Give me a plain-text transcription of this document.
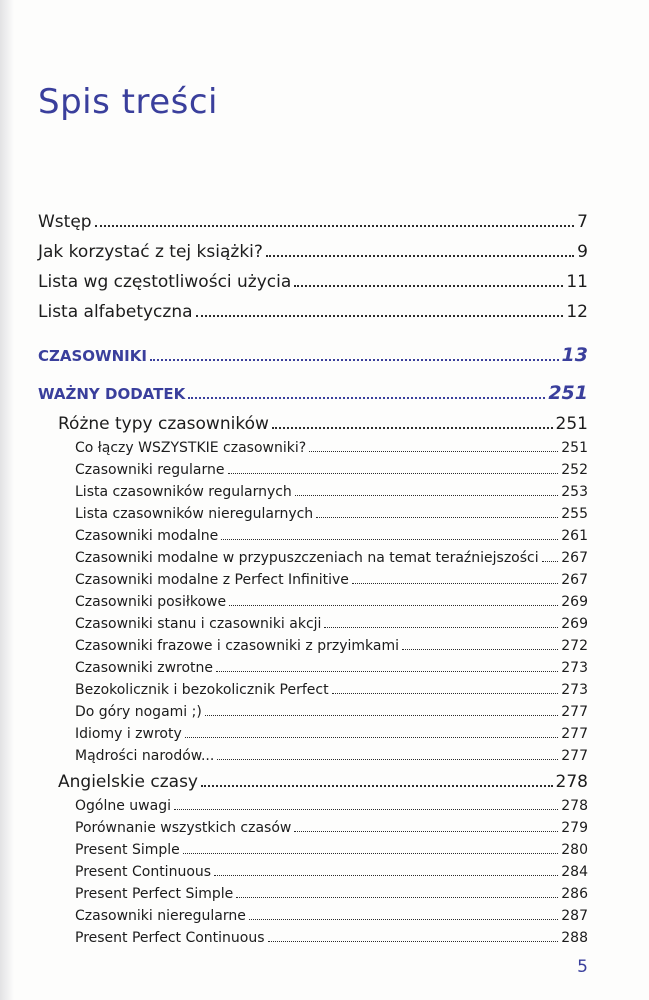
Spis treści
Wstęp	7
Jak korzystać z tej książki?	9
Lista wg częstotliwości użycia	11
Lista alfabetyczna	12
CZASOWNIKI	13
WAŻNY DODATEK	251
Różne typy czasowników	251
Co łączy WSZYSTKIE czasowniki?	251
Czasowniki regularne	252
Lista czasowników regularnych	253
Lista czasowników nieregularnych	255
Czasowniki modalne	261
Czasowniki modalne w przypuszczeniach na temat teraźniejszości 267
Czasowniki modalne z Perfect Infinitive	267
Czasowniki posiłkowe	269
Czasowniki stanu i czasowniki akcji	269
Czasowniki frazowe i czasowniki z przyimkami	272
Czasowniki zwrotne	273
Bezokolicznik i bezokolicznik Perfect	273
Do góry nogami ;)	277
Idiomy i zwroty	277
Mądrości narodów...	277
Angielskie czasy	278
Ogólne uwagi	278
Porównanie wszystkich czasów	279
Present Simple	280
Present Continuous	284
Present Perfect Simple	286
Czasowniki nieregularne	287
Present Perfect Continuous	288
5
